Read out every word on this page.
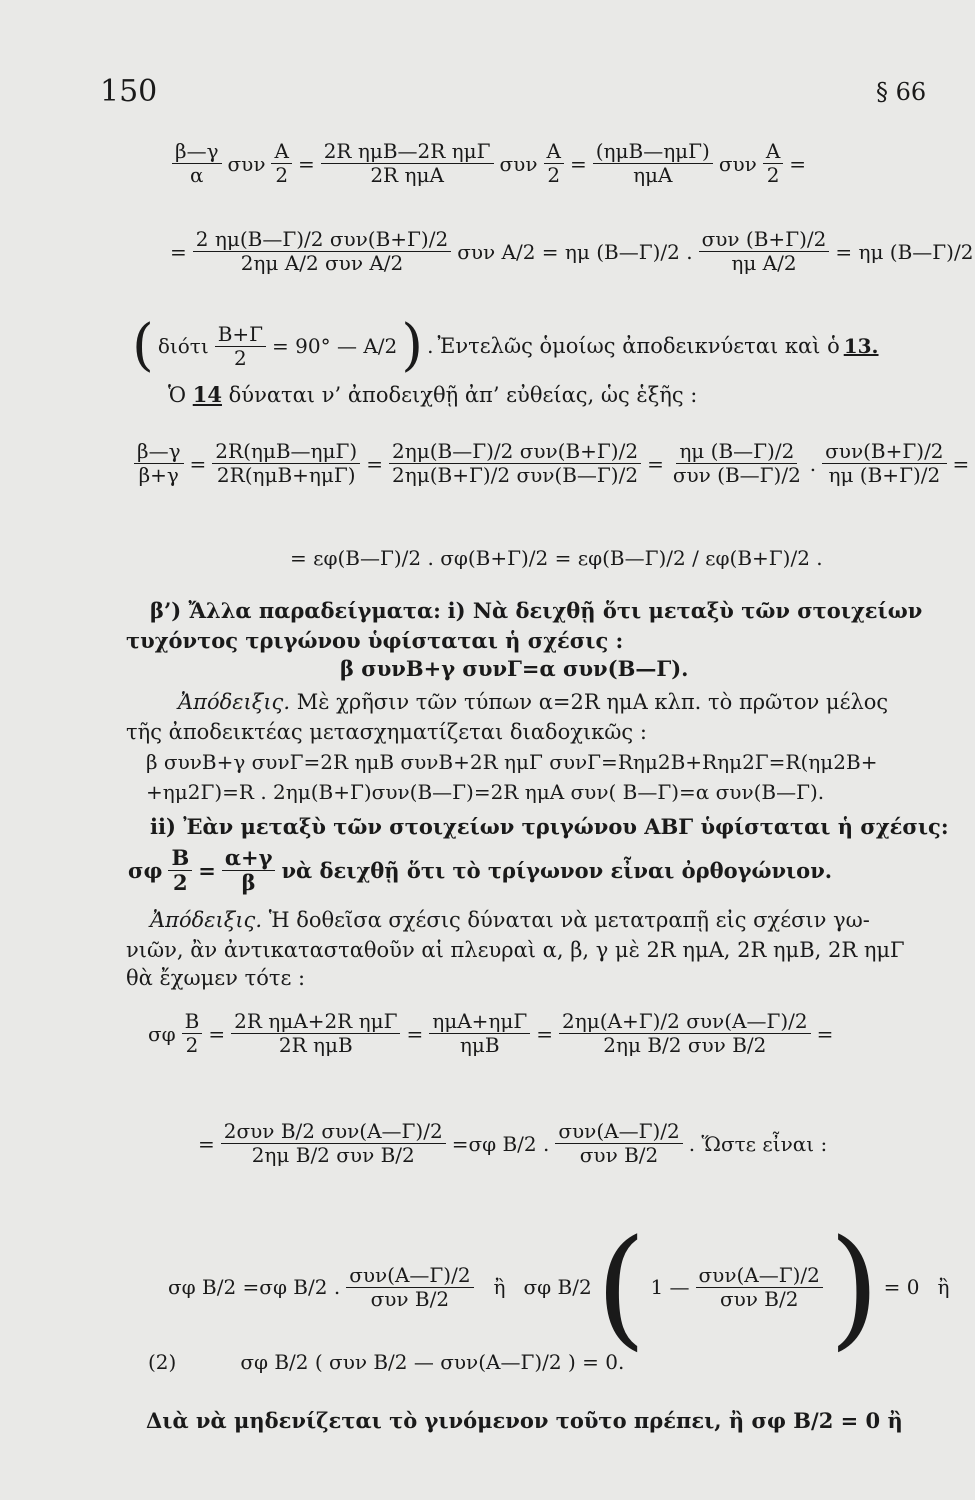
150	§ 66
$\frac{\beta—\gamma}{\alpha}$ συν $\frac{A}{2} = \frac{\text{2R ημB—2R ημΓ}}{\text{2R ημA}}$ συν $\frac{A}{2} = \frac{\text{(ημB—ημΓ)}}{\text{ημA}}$ συν $\frac{A}{2}$ =
= $\frac{\text{2 ημ(B—Γ)/2 συν(B+Γ)/2}}{\text{2ημ A/2 συν A/2}}$ συν A/2 = ημ (B—Γ)/2 . $\frac{\text{συν (B+Γ)/2}}{\text{ημ A/2}} = \eta\mu$ (B—Γ)/2
( διότι $\frac{B+\Gamma}{2} = 90^\circ$ — A/2 ) . Ἐντελῶς ὁμοίως ἀποδεικνύεται καὶ ὁ 13.
Ὁ 14 δύναται ν’ ἀποδειχθῇ ἀπ’ εὐθείας, ὡς ἑξῆς :
$\frac{\beta—\gamma}{\beta+\gamma} = \frac{\text{2R(ημB—ημΓ)}}{\text{2R(ημB+ημΓ)}} = \frac{\text{2ημ(B—Γ)/2 συν(B+Γ)/2}}{\text{2ημ(B+Γ)/2 συν(B—Γ)/2}} = \frac{\eta\mu (B—\Gamma)/2}{\text{συν (B—Γ)/2}}$ . $\frac{\text{συν(B+Γ)/2}}{\eta\mu (B+\Gamma)/2}$ =
= εφ(B—Γ)/2 . σφ(B+Γ)/2 = εφ(B—Γ)/2 / εφ(B+Γ)/2 .
β’) Ἄλλα παραδείγματα: i) Νὰ δειχθῇ ὅτι μεταξὺ τῶν στοιχείων
τυχόντος τριγώνου ὑφίσταται ἡ σχέσις :
β συνB+γ συνΓ=α συν(B—Γ).
Ἀπόδειξις. Μὲ χρῆσιν τῶν τύπων α=2R ημA κλπ. τὸ πρῶτον μέλος
τῆς ἀποδεικτέας μετασχηματίζεται διαδοχικῶς :
β συνB+γ συνΓ=2R ημB συνB+2R ημΓ συνΓ=Rημ2B+Rημ2Γ=R(ημ2B+
+ημ2Γ)=R . 2ημ(B+Γ)συν(B—Γ)=2R ημA συν( B—Γ)=α συν(B—Γ).
ii) Ἐὰν μεταξὺ τῶν στοιχείων τριγώνου ΑΒΓ ὑφίσταται ἡ σχέσις:
σφ $\frac{B}{2} = \frac{\alpha+\gamma}{\beta}$ νὰ δειχθῇ ὅτι τὸ τρίγωνον εἶναι ὀρθογώνιον.
Ἀπόδειξις. Ἡ δοθεῖσα σχέσις δύναται νὰ μετατραπῇ εἰς σχέσιν γω-
νιῶν, ἂν ἀντικατασταθοῦν αἱ πλευραὶ α, β, γ μὲ 2R ημA, 2R ημB, 2R ημΓ
θὰ ἔχωμεν τότε :
σφ $\frac{B}{2} = \frac{\text{2R ημA+2R ημΓ}}{\text{2R ημB}} = \frac{\text{ημA+ημΓ}}{\text{ημB}} = \frac{\text{2ημ(A+Γ)/2 συν(A—Γ)/2}}{\text{2ημ B/2 συν B/2}}$ =
= $\frac{\text{2συν B/2 συν(A—Γ)/2}}{\text{2ημ B/2 συν B/2}} =\sigma\varphi$ B/2 . $\frac{\text{συν(A—Γ)/2}}{\text{συν B/2}}$ . Ὥστε εἶναι :
σφ B/2 =σφ B/2 . $\frac{\text{συν(A—Γ)/2}}{\text{συν B/2}}$ ἢ σφ B/2 ( 1 — $\frac{\text{συν(A—Γ)/2}}{\text{συν B/2}}$ ) = 0 ἢ
(2)	σφ B/2 ( συν B/2 — συν(A—Γ)/2 ) = 0.
Διὰ νὰ μηδενίζεται τὸ γινόμενον τοῦτο πρέπει, ἢ σφ B/2 = 0 ἢ
